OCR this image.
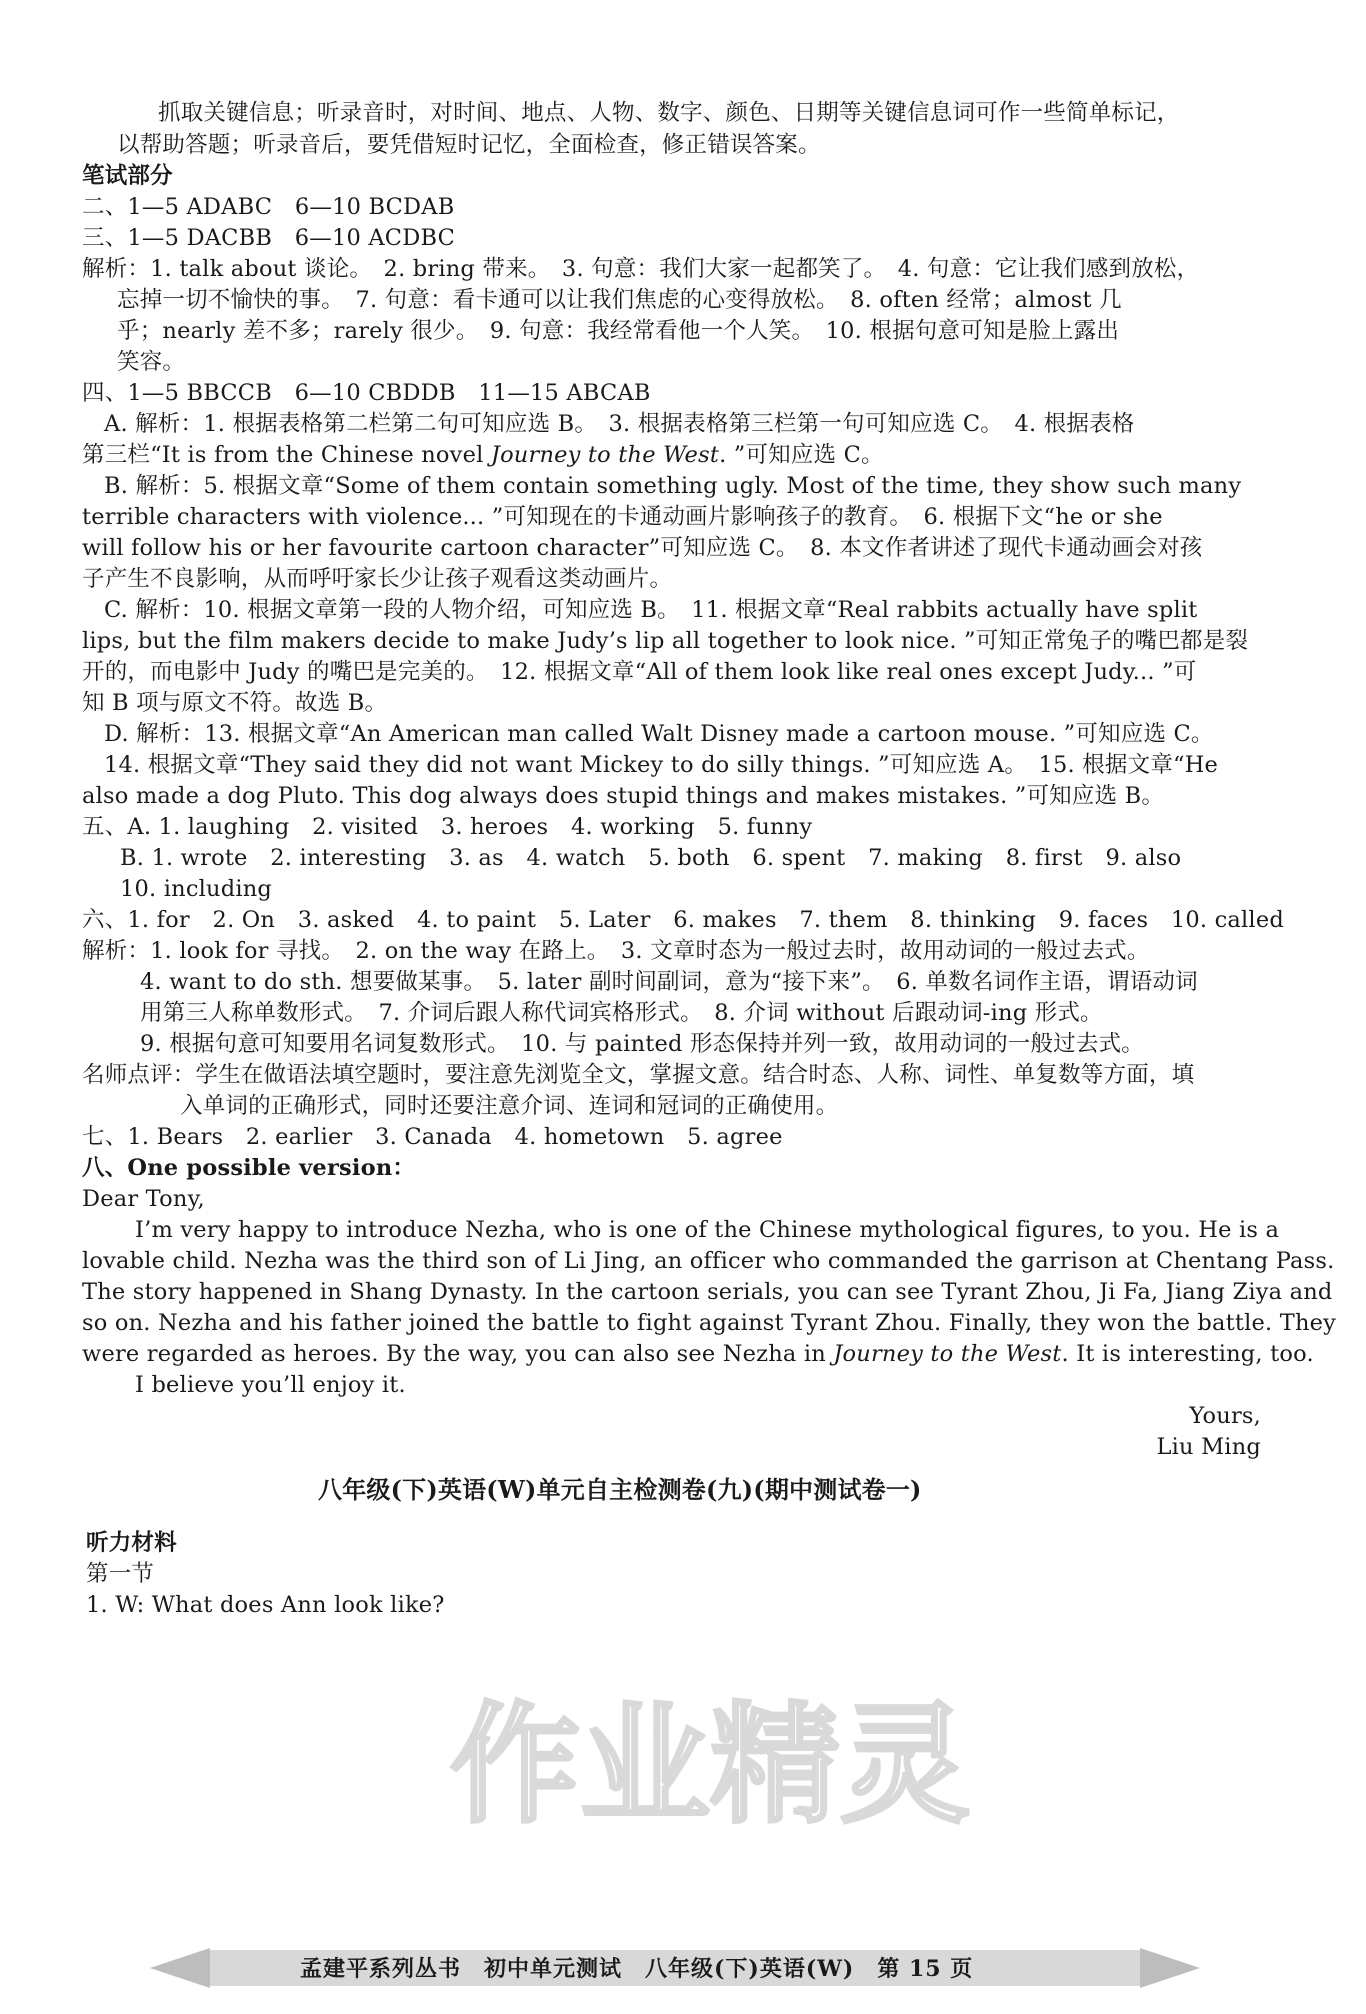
抓取关键信息；听录音时，对时间、地点、人物、数字、颜色、日期等关键信息词可作一些简单标记，
以帮助答题；听录音后，要凭借短时记忆，全面检查，修正错误答案。
笔试部分
二、1—5 ADABC　6—10 BCDAB
三、1—5 DACBB　6—10 ACDBC
解析：1. talk about 谈论。　2. bring 带来。　3. 句意：我们大家一起都笑了。　4. 句意：它让我们感到放松，
忘掉一切不愉快的事。　7. 句意：看卡通可以让我们焦虑的心变得放松。　8. often 经常；almost 几
乎；nearly 差不多；rarely 很少。　9. 句意：我经常看他一个人笑。　10. 根据句意可知是脸上露出
笑容。
四、1—5 BBCCB　6—10 CBDDB　11—15 ABCAB
A. 解析：1. 根据表格第二栏第二句可知应选 B。　3. 根据表格第三栏第一句可知应选 C。　4. 根据表格
第三栏“It is from the Chinese novel Journey to the West. ”可知应选 C。
B. 解析：5. 根据文章“Some of them contain something ugly. Most of the time, they show such many
terrible characters with violence... ”可知现在的卡通动画片影响孩子的教育。　6. 根据下文“he or she
will follow his or her favourite cartoon character”可知应选 C。　8. 本文作者讲述了现代卡通动画会对孩
子产生不良影响，从而呼吁家长少让孩子观看这类动画片。
C. 解析：10. 根据文章第一段的人物介绍，可知应选 B。　11. 根据文章“Real rabbits actually have split
lips, but the film makers decide to make Judy’s lip all together to look nice. ”可知正常兔子的嘴巴都是裂
开的，而电影中 Judy 的嘴巴是完美的。　12. 根据文章“All of them look like real ones except Judy... ”可
知 B 项与原文不符。故选 B。
D. 解析：13. 根据文章“An American man called Walt Disney made a cartoon mouse. ”可知应选 C。
14. 根据文章“They said they did not want Mickey to do silly things. ”可知应选 A。　15. 根据文章“He
also made a dog Pluto. This dog always does stupid things and makes mistakes. ”可知应选 B。
五、A. 1. laughing　2. visited　3. heroes　4. working　5. funny
B. 1. wrote　2. interesting　3. as　4. watch　5. both　6. spent　7. making　8. first　9. also
10. including
六、1. for　2. On　3. asked　4. to paint　5. Later　6. makes　7. them　8. thinking　9. faces　10. called
解析：1. look for 寻找。　2. on the way 在路上。　3. 文章时态为一般过去时，故用动词的一般过去式。
4. want to do sth. 想要做某事。　5. later 副时间副词，意为“接下来”。　6. 单数名词作主语，谓语动词
用第三人称单数形式。　7. 介词后跟人称代词宾格形式。　8. 介词 without 后跟动词-ing 形式。
9. 根据句意可知要用名词复数形式。　10. 与 painted 形态保持并列一致，故用动词的一般过去式。
名师点评：学生在做语法填空题时，要注意先浏览全文，掌握文意。结合时态、人称、词性、单复数等方面，填
入单词的正确形式，同时还要注意介词、连词和冠词的正确使用。
七、1. Bears　2. earlier　3. Canada　4. hometown　5. agree
八、One possible version：
Dear Tony,
I’m very happy to introduce Nezha, who is one of the Chinese mythological figures, to you. He is a
lovable child. Nezha was the third son of Li Jing, an officer who commanded the garrison at Chentang Pass.
The story happened in Shang Dynasty. In the cartoon serials, you can see Tyrant Zhou, Ji Fa, Jiang Ziya and
so on. Nezha and his father joined the battle to fight against Tyrant Zhou. Finally, they won the battle. They
were regarded as heroes. By the way, you can also see Nezha in Journey to the West. It is interesting, too.
I believe you’ll enjoy it.
Yours,
Liu Ming
八年级(下)英语(W)单元自主检测卷(九)(期中测试卷一)
听力材料
第一节
1. W: What does Ann look like?
作业精灵
孟建平系列丛书　初中单元测试　八年级(下)英语(W)　第 15 页
